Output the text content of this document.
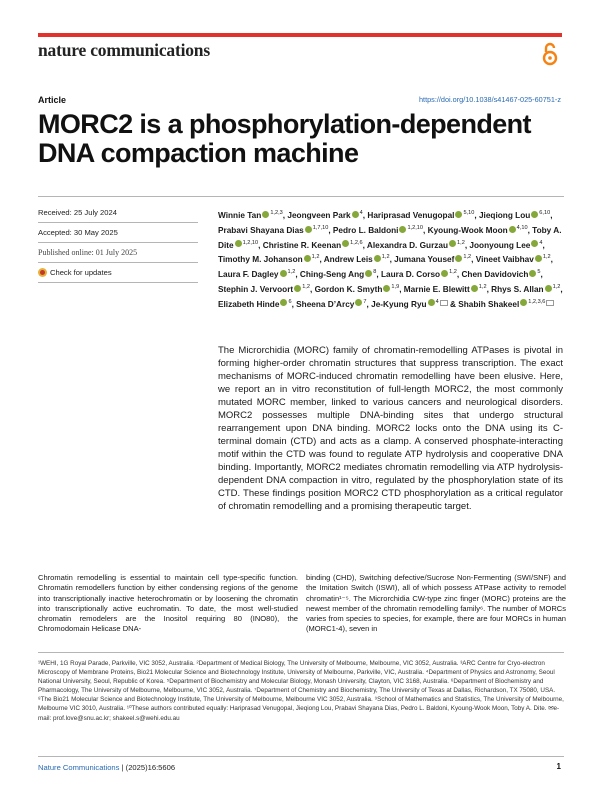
nature communications
Article	https://doi.org/10.1038/s41467-025-60751-z
MORC2 is a phosphorylation-dependent DNA compaction machine
Received: 25 July 2024
Accepted: 30 May 2025
Published online: 01 July 2025
Check for updates
Winnie Tan $^{1,2,3}$, Jeongveen Park $^4$, Hariprasad Venugopal $^{5,10}$, Jieqiong Lou $^{6,10}$, Prabavi Shayana Dias $^{1,7,10}$, Pedro L. Baldoni $^{1,2,10}$, Kyoung-Wook Moon $^{4,10}$, Toby A. Dite $^{1,2,10}$, Christine R. Keenan $^{1,2,6}$, Alexandra D. Gurzau $^{1,2}$, Joonyoung Lee $^4$, Timothy M. Johanson $^{1,2}$, Andrew Leis $^{1,2}$, Jumana Yousef $^{1,2}$, Vineet Vaibhav $^{1,2}$, Laura F. Dagley $^{1,2}$, Ching-Seng Ang $^8$, Laura D. Corso $^{1,2}$, Chen Davidovich $^5$, Stephin J. Vervoort $^{1,2}$, Gordon K. Smyth $^{1,9}$, Marnie E. Blewitt $^{1,2}$, Rhys S. Allan $^{1,2}$, Elizabeth Hinde $^6$, Sheena D’Arcy $^7$, Je-Kyung Ryu $^4$ & Shabih Shakeel $^{1,2,3,6}$

The Microrchidia (MORC) family of chromatin-remodelling ATPases is pivotal in forming higher-order chromatin structures that suppress transcription. The exact mechanisms of MORC-induced chromatin remodelling have been elusive. Here, we report an in vitro reconstitution of full-length MORC2, the most commonly mutated MORC member, linked to various cancers and neurological disorders. MORC2 possesses multiple DNA-binding sites that undergo structural rearrangement upon DNA binding. MORC2 locks onto the DNA using its C-terminal domain (CTD) and acts as a clamp. A conserved phosphate-interacting motif within the CTD was found to regulate ATP hydrolysis and cooperative DNA binding. Importantly, MORC2 mediates chromatin remodelling via ATP hydrolysis-dependent DNA compaction in vitro, regulated by the phosphorylation state of its CTD. These findings position MORC2 CTD phosphorylation as a critical regulator of chromatin remodelling and a promising therapeutic target.

Chromatin remodelling is essential to maintain cell type-specific function. Chromatin remodellers function by either condensing regions of the genome into transcriptionally inactive heterochromatin or by loosening the chromatin into transcriptionally active euchromatin. To date, the most well-studied chromatin remodelers are the Inositol requiring 80 (INO80), the Chromodomain Helicase DNA-

binding (CHD), Switching defective/Sucrose Non-Fermenting (SWI/SNF) and the Imitation Switch (ISWI), all of which possess ATPase activity to remodel chromatin¹⁻⁵. The Microrchidia CW-type zinc finger (MORC) proteins are the newest member of the chromatin remodelling family⁶. The number of MORCs varies from species to species, for example, there are four MORCs in human (MORC1-4), seven in

¹WEHI, 1G Royal Parade, Parkville, VIC 3052, Australia. ²Department of Medical Biology, The University of Melbourne, Melbourne, VIC 3052, Australia. ³ARC Centre for Cryo-electron Microscopy of Membrane Proteins, Bio21 Molecular Science and Biotechnology Institute, University of Melbourne, Parkville, VIC, Australia. ⁴Department of Physics and Astronomy, Seoul National University, Seoul, Republic of Korea. ⁵Department of Biochemistry and Molecular Biology, Monash University, Clayton, VIC 3168, Australia. ⁶Department of Biochemistry and Pharmacology, The University of Melbourne, Melbourne, VIC 3052, Australia. ⁷Department of Chemistry and Biochemistry, The University of Texas at Dallas, Richardson, TX 75080, USA. ⁸The Bio21 Molecular Science and Biotechnology Institute, The University of Melbourne, Melbourne VIC 3052, Australia. ⁹School of Mathematics and Statistics, The University of Melbourne, Melbourne VIC 3010, Australia. ¹⁰These authors contributed equally: Hariprasad Venugopal, Jieqiong Lou, Prabavi Shayana Dias, Pedro L. Baldoni, Kyoung-Wook Moon, Toby A. Dite. ✉e-mail: prof.love@snu.ac.kr; shakeel.s@wehi.edu.au

Nature Communications | (2025)16:5606	1
